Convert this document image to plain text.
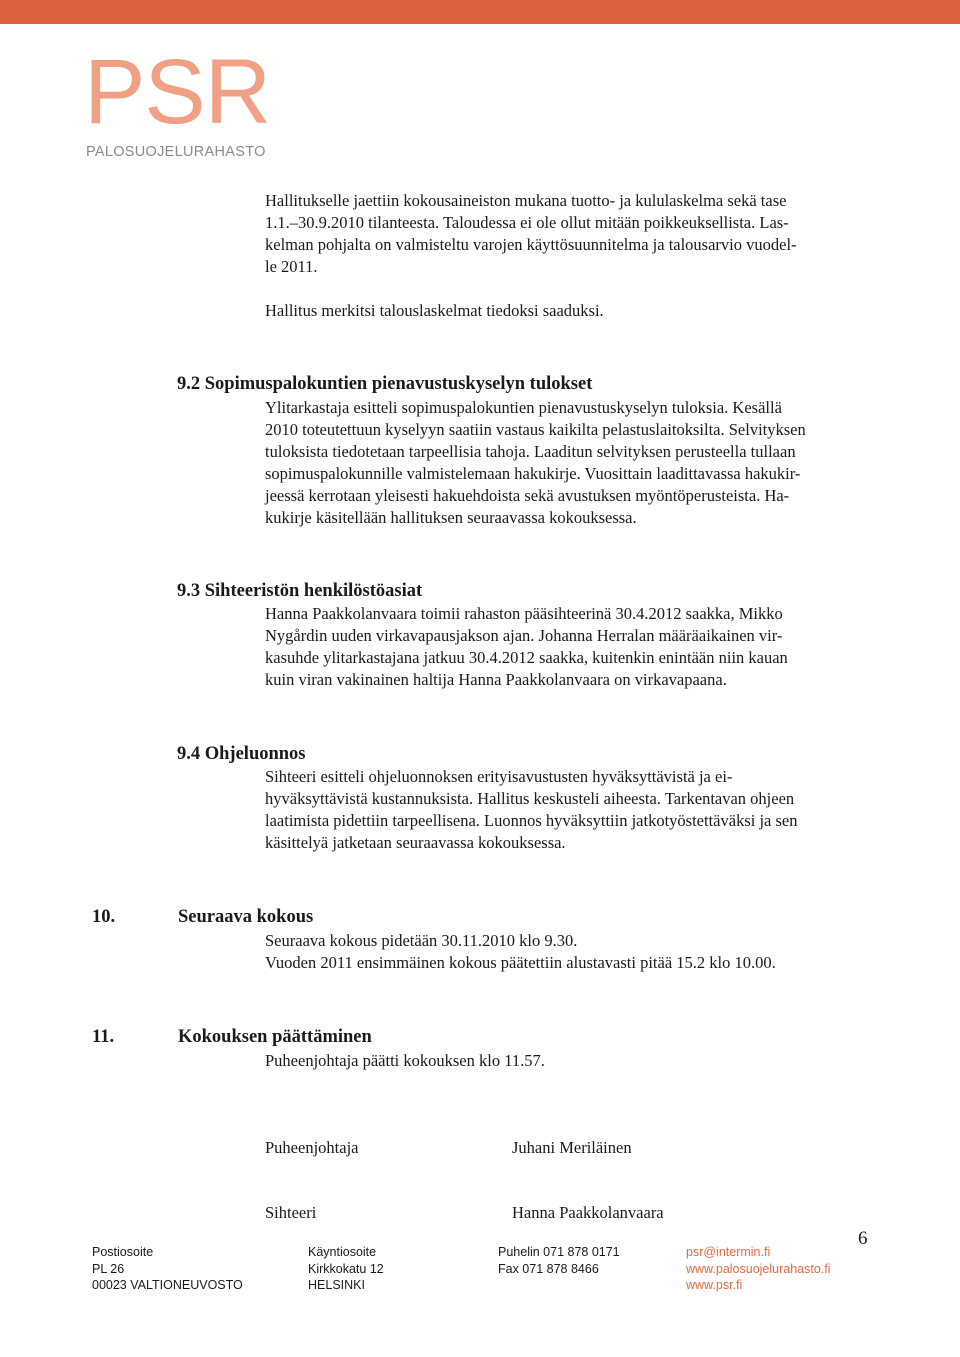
PSR
PALOSUOJELURAHASTO
Hallitukselle jaettiin kokousaineiston mukana tuotto- ja kululaskelma sekä tase
1.1.–30.9.2010 tilanteesta. Taloudessa ei ole ollut mitään poikkeuksellista. Las-
kelman pohjalta on valmisteltu varojen käyttösuunnitelma ja talousarvio vuodel-
le 2011.
Hallitus merkitsi talouslaskelmat tiedoksi saaduksi.
9.2 Sopimuspalokuntien pienavustuskyselyn tulokset
Ylitarkastaja esitteli sopimuspalokuntien pienavustuskyselyn tuloksia. Kesällä
2010 toteutettuun kyselyyn saatiin vastaus kaikilta pelastuslaitoksilta. Selvityksen
tuloksista tiedotetaan tarpeellisia tahoja. Laaditun selvityksen perusteella tullaan
sopimuspalokunnille valmistelemaan hakukirje. Vuosittain laadittavassa hakukir-
jeessä kerrotaan yleisesti hakuehdoista sekä avustuksen myöntöperusteista. Ha-
kukirje käsitellään hallituksen seuraavassa kokouksessa.
9.3 Sihteeristön henkilöstöasiat
Hanna Paakkolanvaara toimii rahaston pääsihteerinä 30.4.2012 saakka, Mikko
Nygårdin uuden virkavapausjakson ajan. Johanna Herralan määräaikainen vir-
kasuhde ylitarkastajana jatkuu 30.4.2012 saakka, kuitenkin enintään niin kauan
kuin viran vakinainen haltija Hanna Paakkolanvaara on virkavapaana.
9.4 Ohjeluonnos
Sihteeri esitteli ohjeluonnoksen erityisavustusten hyväksyttävistä ja ei-
hyväksyttävistä kustannuksista. Hallitus keskusteli aiheesta. Tarkentavan ohjeen
laatimista pidettiin tarpeellisena. Luonnos hyväksyttiin jatkotyöstettäväksi ja sen
käsittelyä jatketaan seuraavassa kokouksessa.
10.	Seuraava kokous
Seuraava kokous pidetään 30.11.2010 klo 9.30.
Vuoden 2011 ensimmäinen kokous päätettiin alustavasti pitää 15.2 klo 10.00.
11.	Kokouksen päättäminen
Puheenjohtaja päätti kokouksen klo 11.57.
Puheenjohtaja	Juhani Meriläinen
Sihteeri	Hanna Paakkolanvaara
Postiosoite
PL 26
00023 VALTIONEUVOSTO
Käyntiosoite
Kirkkokatu 12
HELSINKI
Puhelin 071 878 0171
Fax 071 878 8466
psr@intermin.fi
www.palosuojelurahasto.fi
www.psr.fi
6
